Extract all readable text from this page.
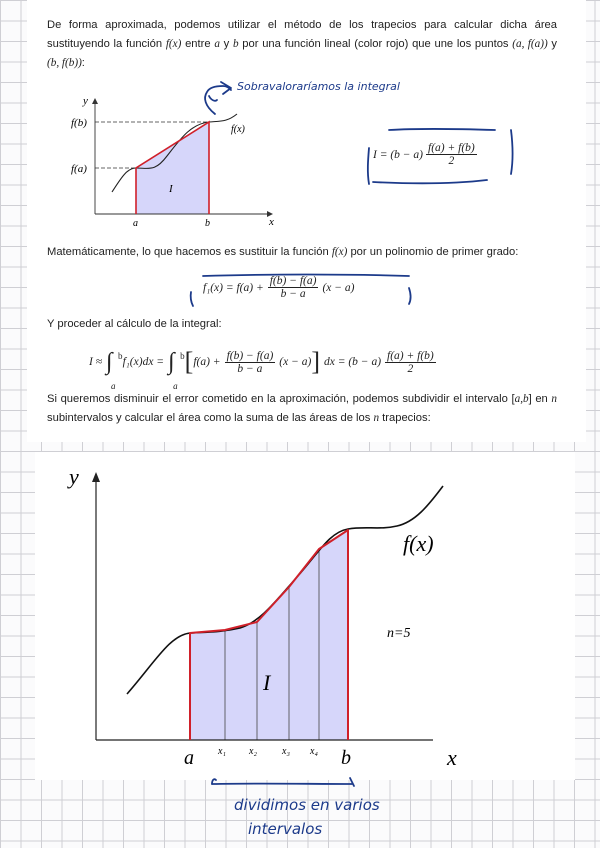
De forma aproximada, podemos utilizar el método de los trapecios para calcular dicha área sustituyendo la función f(x) entre a y b por una función lineal (color rojo) que une los puntos (a, f(a)) y (b, f(b)):
y
x
f(b)
f(a)
a	b
f(x)
I
Sobravaloraríamos la integral
$I = (b - a) \frac{f(a) + f(b)}{2}$
Matemáticamente, lo que hacemos es sustituir la función f(x) por un polinomio de primer grado:
$f_1(x) = f(a) + \frac{f(b) - f(a)}{b - a} (x - a)$
Y proceder al cálculo de la integral:
I ≈ ∫ b
a
f₁(x)dx = ∫ b
a
[ $f(a) + \frac{f(b) - f(a)}{b - a} (x - a)$ ] dx = (b − a)
f(a) + f(b)
2
Si queremos disminuir el error cometido en la aproximación, podemos subdividir el intervalo [a,b] en n subintervalos y calcular el área como la suma de las áreas de los n trapecios:
y
x
f(x)
n=5
I
a	b
x₁ x₂	x₃ x₄
dividimos en varios
intervalos
